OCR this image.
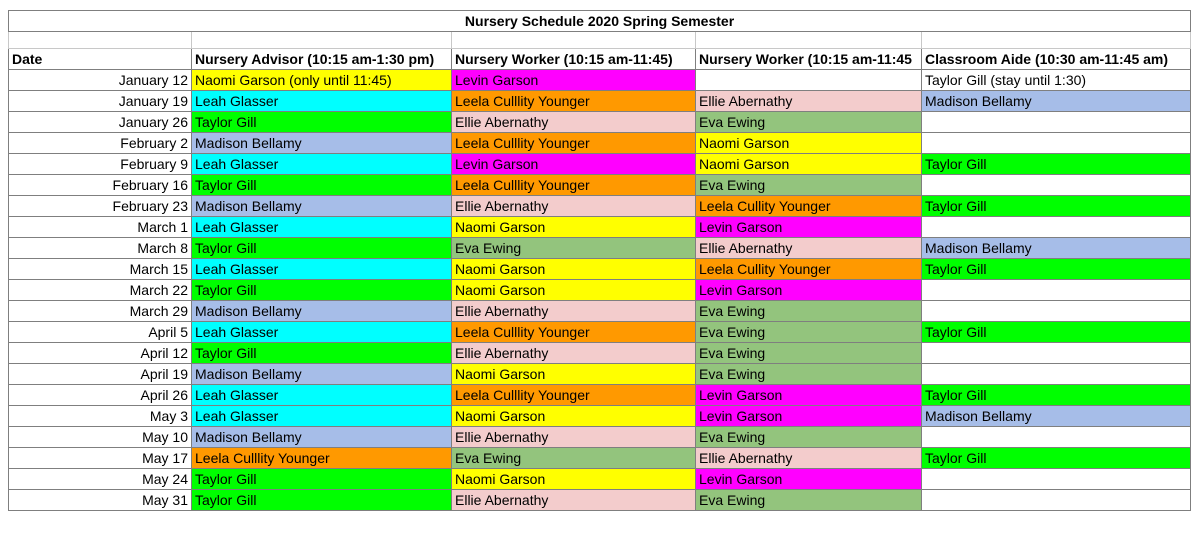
Nursery Schedule 2020 Spring Semester				

Date	Nursery Advisor (10:15 am-1:30 pm)	Nursery Worker (10:15 am-11:45)	Nursery Worker (10:15 am-11:45	Classroom Aide (10:30 am-11:45 am)
January 12	Naomi Garson (only until 11:45)	Levin Garson		Taylor Gill (stay until 1:30)
January 19	Leah Glasser	Leela Culllity Younger	Ellie Abernathy	Madison Bellamy
January 26	Taylor Gill	Ellie Abernathy	Eva Ewing	
February 2	Madison Bellamy	Leela Culllity Younger	Naomi Garson	
February 9	Leah Glasser	Levin Garson	Naomi Garson	Taylor Gill
February 16	Taylor Gill	Leela Culllity Younger	Eva Ewing	
February 23	Madison Bellamy	Ellie Abernathy	Leela Cullity Younger	Taylor Gill
March 1	Leah Glasser	Naomi Garson	Levin Garson	
March 8	Taylor Gill	Eva Ewing	Ellie Abernathy	Madison Bellamy
March 15	Leah Glasser	Naomi Garson	Leela Cullity Younger	Taylor Gill
March 22	Taylor Gill	Naomi Garson	Levin Garson	
March 29	Madison Bellamy	Ellie Abernathy	Eva Ewing	
April 5	Leah Glasser	Leela Culllity Younger	Eva Ewing	Taylor Gill
April 12	Taylor Gill	Ellie Abernathy	Eva Ewing	
April 19	Madison Bellamy	Naomi Garson	Eva Ewing	
April 26	Leah Glasser	Leela Culllity Younger	Levin Garson	Taylor Gill
May 3	Leah Glasser	Naomi Garson	Levin Garson	Madison Bellamy
May 10	Madison Bellamy	Ellie Abernathy	Eva Ewing	
May 17	Leela Culllity Younger	Eva Ewing	Ellie Abernathy	Taylor Gill
May 24	Taylor Gill	Naomi Garson	Levin Garson	
May 31	Taylor Gill	Ellie Abernathy	Eva Ewing	
